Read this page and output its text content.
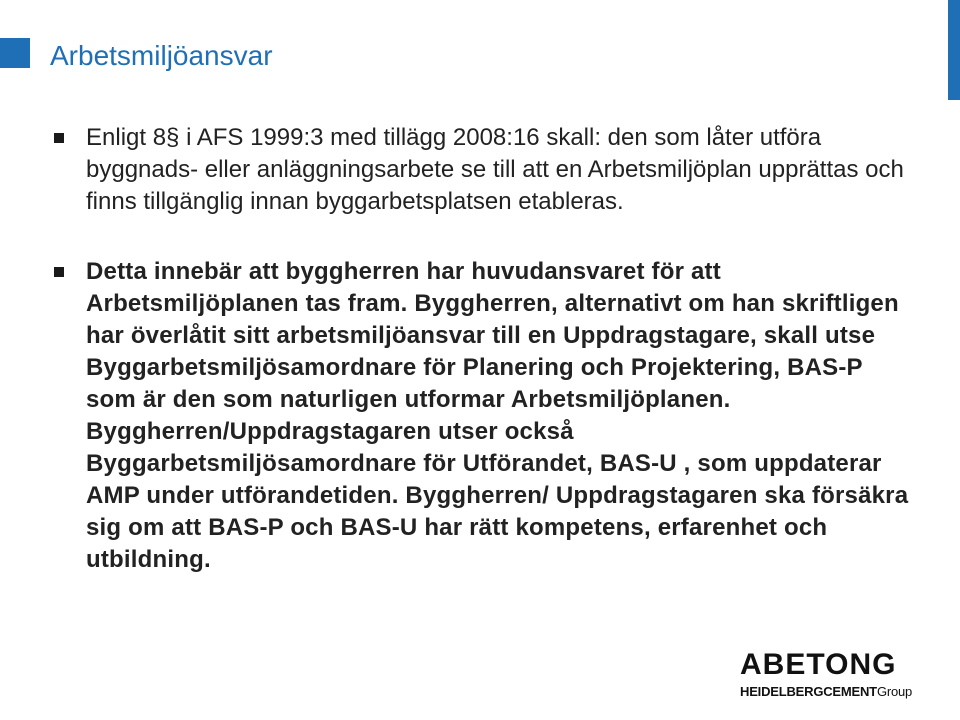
Arbetsmiljöansvar
Enligt 8§ i AFS 1999:3 med tillägg 2008:16 skall: den som låter utföra byggnads- eller anläggningsarbete se till att en Arbetsmiljöplan upprättas och finns tillgänglig innan byggarbetsplatsen etableras.
Detta innebär att byggherren har huvudansvaret för att Arbetsmiljöplanen tas fram. Byggherren, alternativt om han skriftligen har överlåtit sitt arbetsmiljöansvar till en Uppdragstagare, skall utse Byggarbetsmiljösamordnare för Planering och Projektering, BAS-P som är den som naturligen utformar Arbetsmiljöplanen. Byggherren/Uppdragstagaren utser också Byggarbetsmiljösamordnare för Utförandet, BAS-U , som uppdaterar AMP under utförandetiden. Byggherren/ Uppdragstagaren ska försäkra sig om att BAS-P och BAS-U har rätt kompetens, erfarenhet och utbildning.
ABETONG
HEIDELBERGCEMENTGroup
